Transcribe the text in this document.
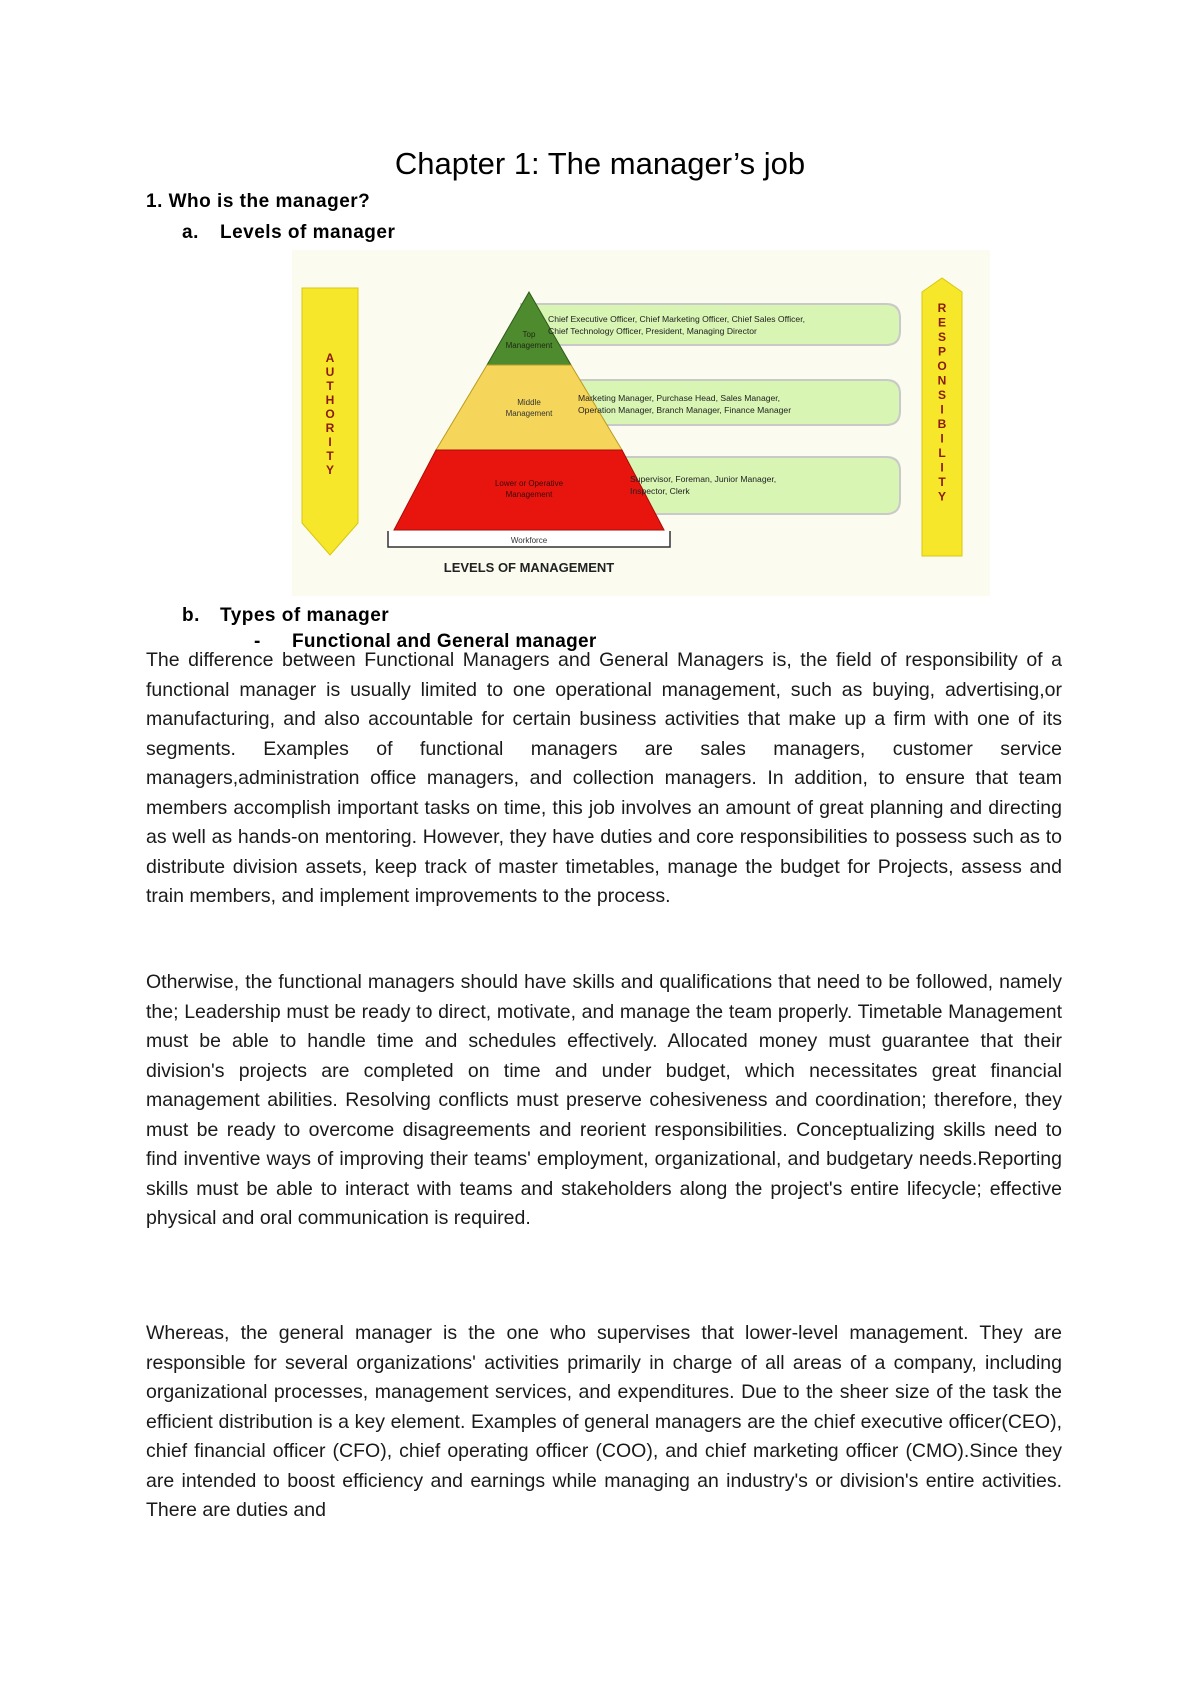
Chapter 1: The manager’s job
1. Who is the manager?
a. Levels of manager
A
U
T
H
O
R
I
T
Y
R
E
S
P
O
N
S
I
B
I
L
I
T
Y
Workforce
Top
Management
Middle
Management
Lower or Operative
Management
Chief Executive Officer, Chief Marketing Officer, Chief Sales Officer,
Chief Technology Officer, President, Managing Director
Marketing Manager, Purchase Head, Sales Manager,
Operation Manager, Branch Manager, Finance Manager
Supervisor, Foreman, Junior Manager,
Inspector, Clerk
LEVELS OF MANAGEMENT
b. Types of manager
- Functional and General manager

The difference between Functional Managers and General Managers is, the field of responsibility of a functional manager is usually limited to one operational management, such as buying, advertising,or manufacturing, and also accountable for certain business activities that make up a firm with one of its segments. Examples of functional managers are sales managers, customer service managers,administration office managers, and collection managers. In addition, to ensure that team members accomplish important tasks on time, this job involves an amount of great planning and directing as well as hands-on mentoring. However, they have duties and core responsibilities to possess such as to distribute division assets, keep track of master timetables, manage the budget for Projects, assess and train members, and implement improvements to the process.

Otherwise, the functional managers should have skills and qualifications that need to be followed, namely the; Leadership must be ready to direct, motivate, and manage the team properly. Timetable Management must be able to handle time and schedules effectively. Allocated money must guarantee that their division's projects are completed on time and under budget, which necessitates great financial management abilities. Resolving conflicts must preserve cohesiveness and coordination; therefore, they must be ready to overcome disagreements and reorient responsibilities. Conceptualizing skills need to find inventive ways of improving their teams' employment, organizational, and budgetary needs.Reporting skills must be able to interact with teams and stakeholders along the project's entire lifecycle; effective physical and oral communication is required.

Whereas, the general manager is the one who supervises that lower-level management. They are responsible for several organizations' activities primarily in charge of all areas of a company, including organizational processes, management services, and expenditures. Due to the sheer size of the task the efficient distribution is a key element. Examples of general managers are the chief executive officer(CEO), chief financial officer (CFO), chief operating officer (COO), and chief marketing officer (CMO).Since they are intended to boost efficiency and earnings while managing an industry's or division's entire activities. There are duties and
